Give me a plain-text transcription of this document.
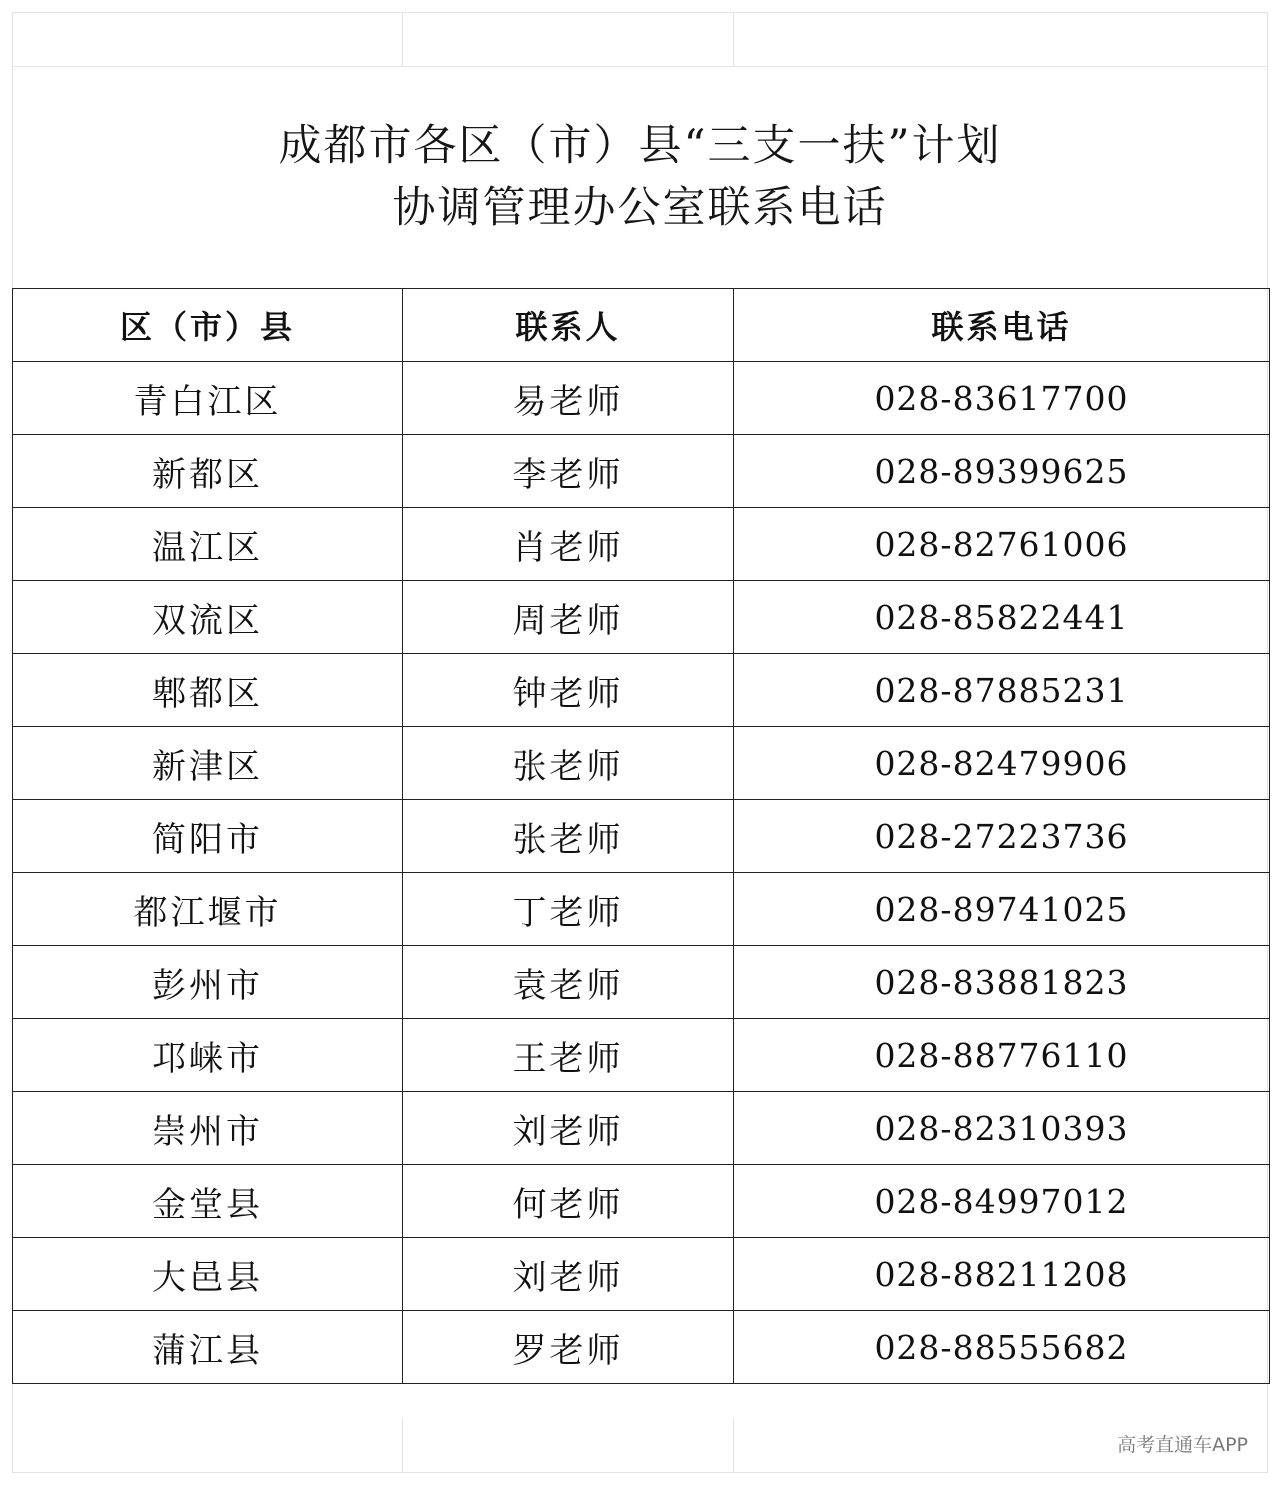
成都市各区（市）县“三支一扶”计划
协调管理办公室联系电话
区（市）县	联系人	联系电话
青白江区	易老师	028-83617700
新都区	李老师	028-89399625
温江区	肖老师	028-82761006
双流区	周老师	028-85822441
郫都区	钟老师	028-87885231
新津区	张老师	028-82479906
简阳市	张老师	028-27223736
都江堰市	丁老师	028-89741025
彭州市	袁老师	028-83881823
邛崃市	王老师	028-88776110
崇州市	刘老师	028-82310393
金堂县	何老师	028-84997012
大邑县	刘老师	028-88211208
蒲江县	罗老师	028-88555682
高考直通车APP
